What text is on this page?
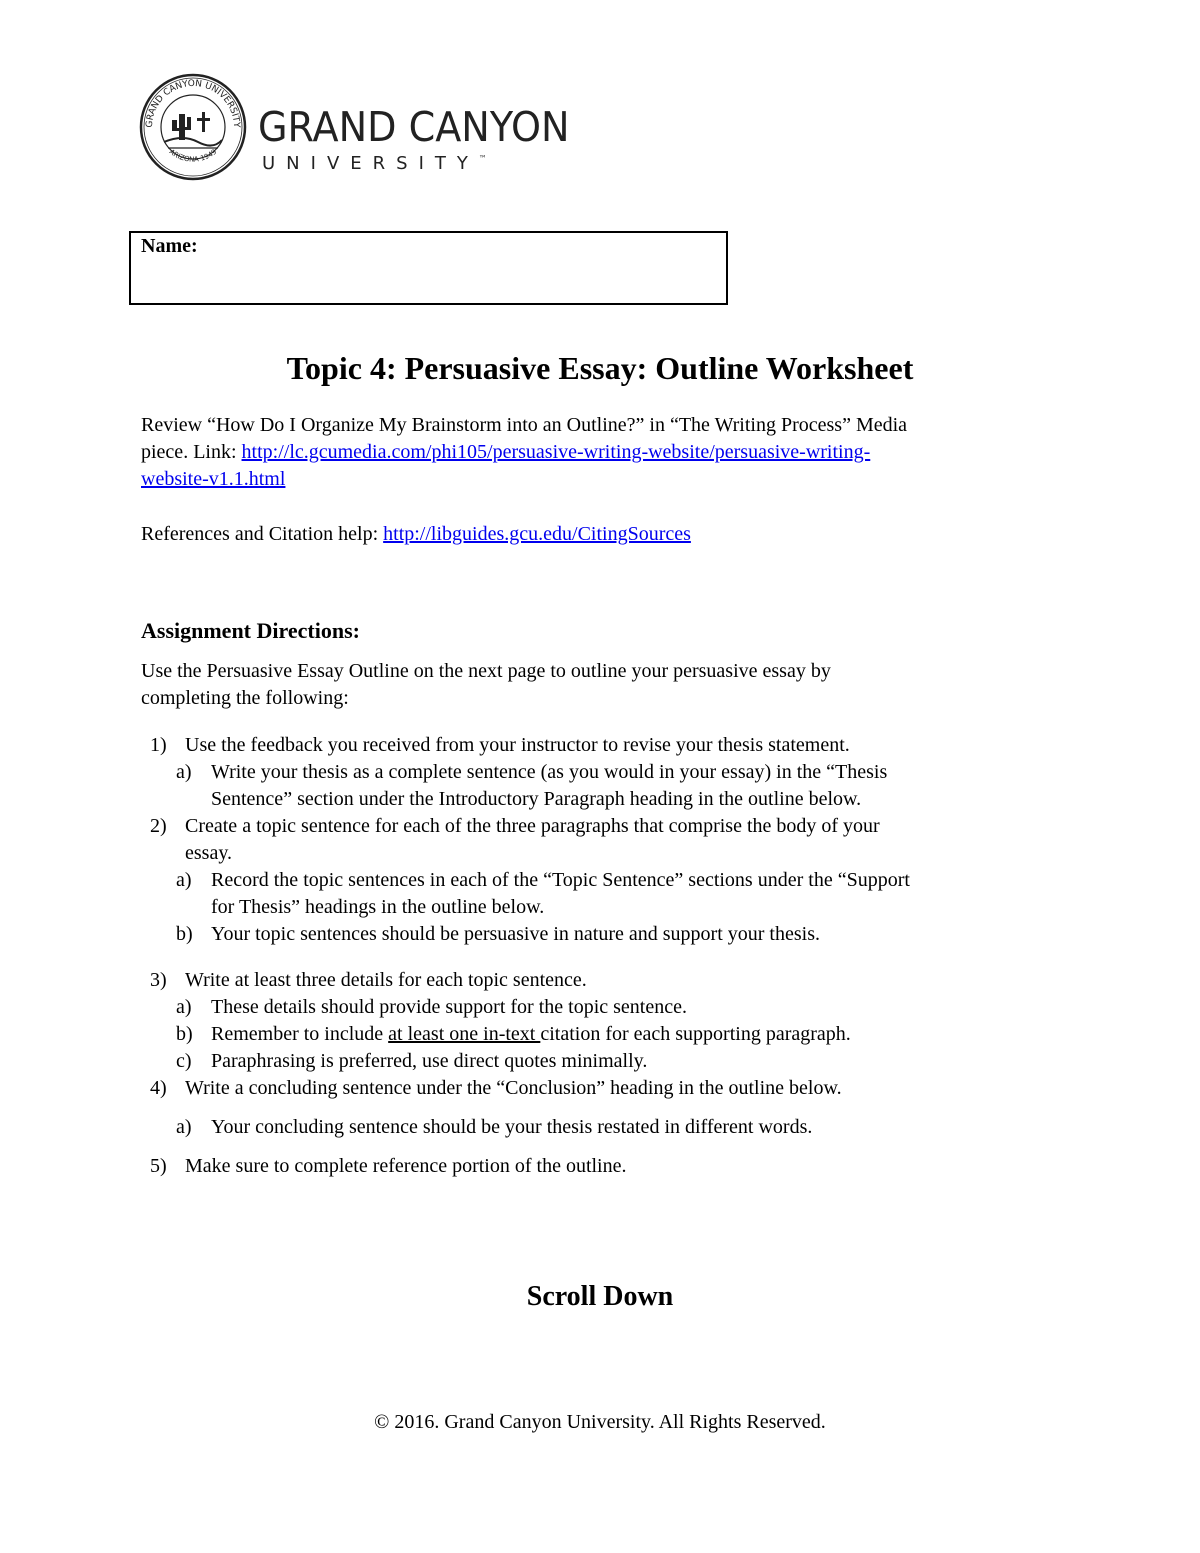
GRAND CANYON UNIVERSITY
ARIZONA 1949
GRAND CANYON
UNIVERSITY™
Name:
Topic 4: Persuasive Essay: Outline Worksheet
Review “How Do I Organize My Brainstorm into an Outline?” in “The Writing Process” Media
piece. Link: http://lc.gcumedia.com/phi105/persuasive-writing-website/persuasive-writing-
website-v1.1.html
References and Citation help: http://libguides.gcu.edu/CitingSources
Assignment Directions:
Use the Persuasive Essay Outline on the next page to outline your persuasive essay by
completing the following:
1) Use the feedback you received from your instructor to revise your thesis statement.
a) Write your thesis as a complete sentence (as you would in your essay) in the “Thesis
Sentence” section under the Introductory Paragraph heading in the outline below.
2) Create a topic sentence for each of the three paragraphs that comprise the body of your
essay.
a) Record the topic sentences in each of the “Topic Sentence” sections under the “Support
for Thesis” headings in the outline below.
b) Your topic sentences should be persuasive in nature and support your thesis.
3) Write at least three details for each topic sentence.
a) These details should provide support for the topic sentence.
b) Remember to include at least one in-text citation for each supporting paragraph.
c) Paraphrasing is preferred, use direct quotes minimally.
4) Write a concluding sentence under the “Conclusion” heading in the outline below.
a) Your concluding sentence should be your thesis restated in different words.
5) Make sure to complete reference portion of the outline.
Scroll Down
© 2016. Grand Canyon University. All Rights Reserved.
